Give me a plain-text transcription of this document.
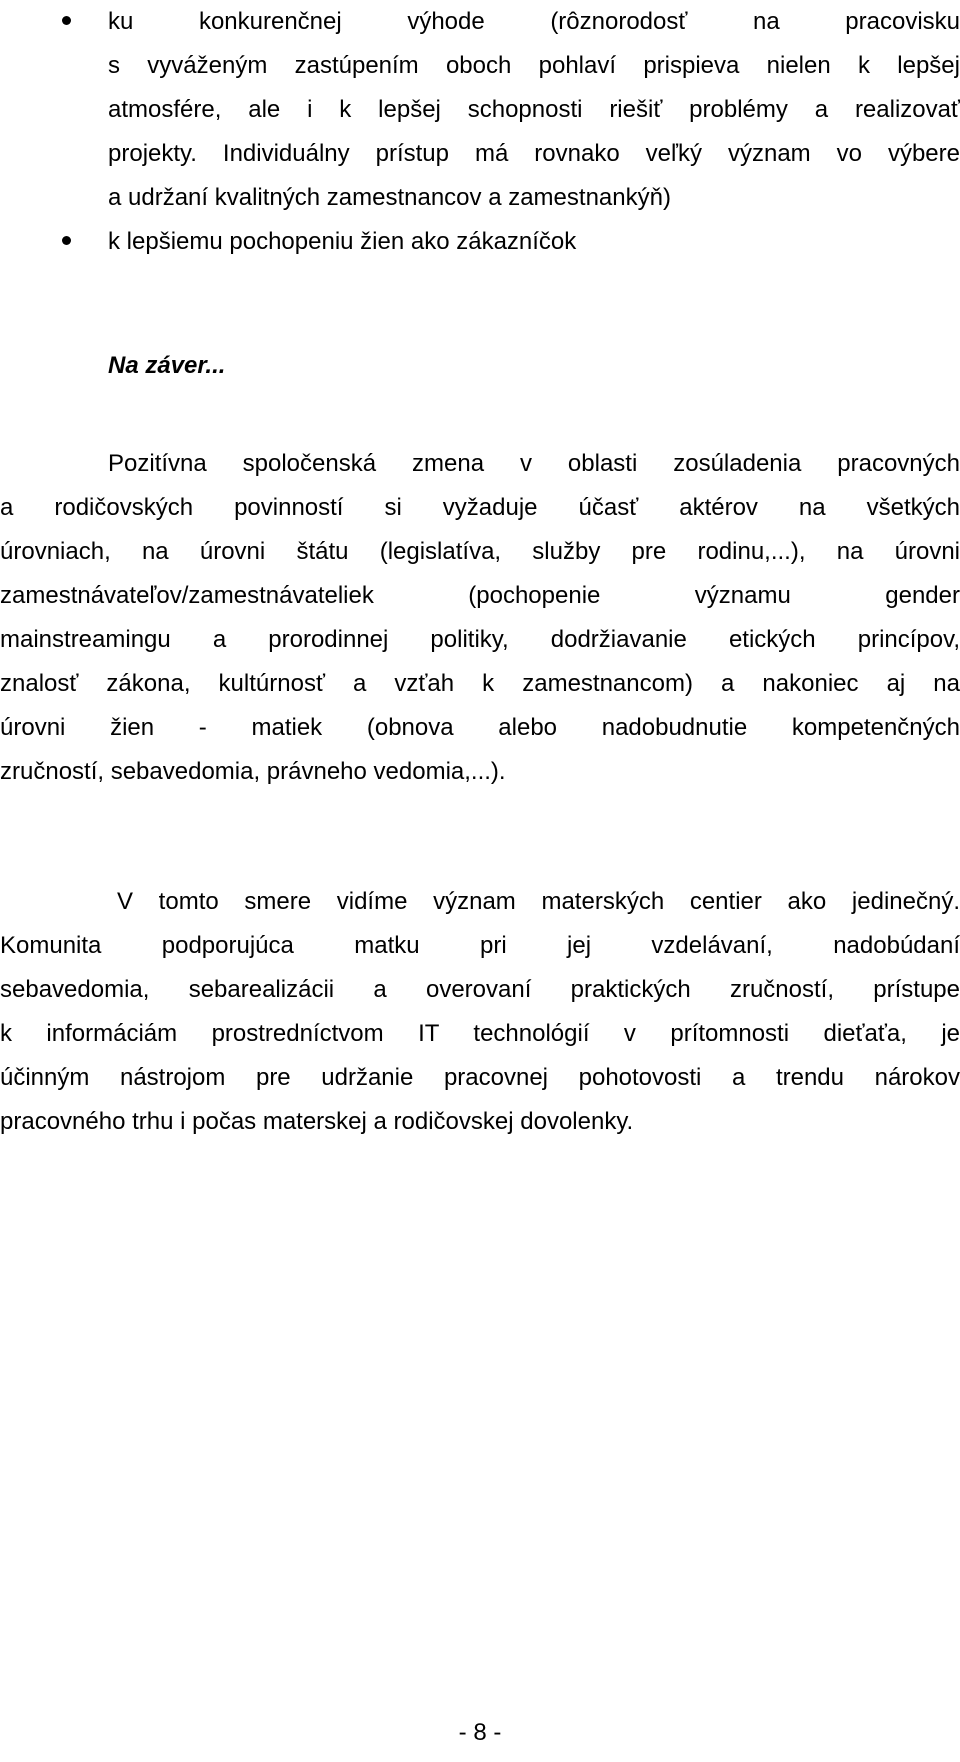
ku konkurenčnej výhode (rôznorodosť na pracovisku
s vyváženým zastúpením oboch pohlaví prispieva nielen k lepšej
atmosfére, ale i k lepšej schopnosti riešiť problémy a realizovať
projekty. Individuálny prístup má rovnako veľký význam vo výbere
a udržaní kvalitných zamestnancov a zamestnankýň)
k lepšiemu pochopeniu žien ako zákazníčok
Na záver...
Pozitívna spoločenská zmena v oblasti zosúladenia pracovných
a rodičovských povinností si vyžaduje účasť aktérov na všetkých
úrovniach, na úrovni štátu (legislatíva, služby pre rodinu,...), na úrovni
zamestnávateľov/zamestnávateliek (pochopenie významu gender
mainstreamingu a prorodinnej politiky, dodržiavanie etických princípov,
znalosť zákona, kultúrnosť a vzťah k zamestnancom) a nakoniec aj na
úrovni žien - matiek (obnova alebo nadobudnutie kompetenčných
zručností, sebavedomia, právneho vedomia,...).
V tomto smere vidíme význam materských centier ako jedinečný.
Komunita podporujúca matku pri jej vzdelávaní, nadobúdaní
sebavedomia, sebarealizácii a overovaní praktických zručností, prístupe
k informáciám prostredníctvom IT technológií v prítomnosti dieťaťa, je
účinným nástrojom pre udržanie pracovnej pohotovosti a trendu nárokov
pracovného trhu i počas materskej a rodičovskej dovolenky.
- 8 -
